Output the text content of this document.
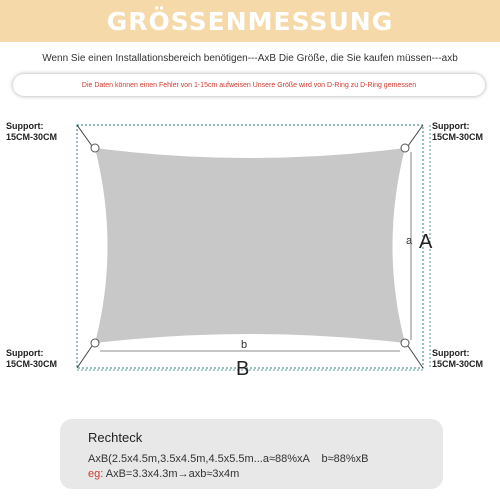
GRÖSSENMESSUNG
Wenn Sie einen Installationsbereich benötigen---AxB Die Größe, die Sie kaufen müssen---axb
Die Daten können einen Fehler von 1-15cm aufweisen Unsere Größe wird von D-Ring zu D-Ring gemessen
Support:
15CM-30CM
Support:
15CM-30CM
Support:
15CM-30CM
Support:
15CM-30CM
a A
b
B
Rechteck
AxB(2.5x4.5m,3.5x4.5m,4.5x5.5m...a≈88%xA b≈88%xB
eg: AxB=3.3x4.3m→axb≈3x4m
